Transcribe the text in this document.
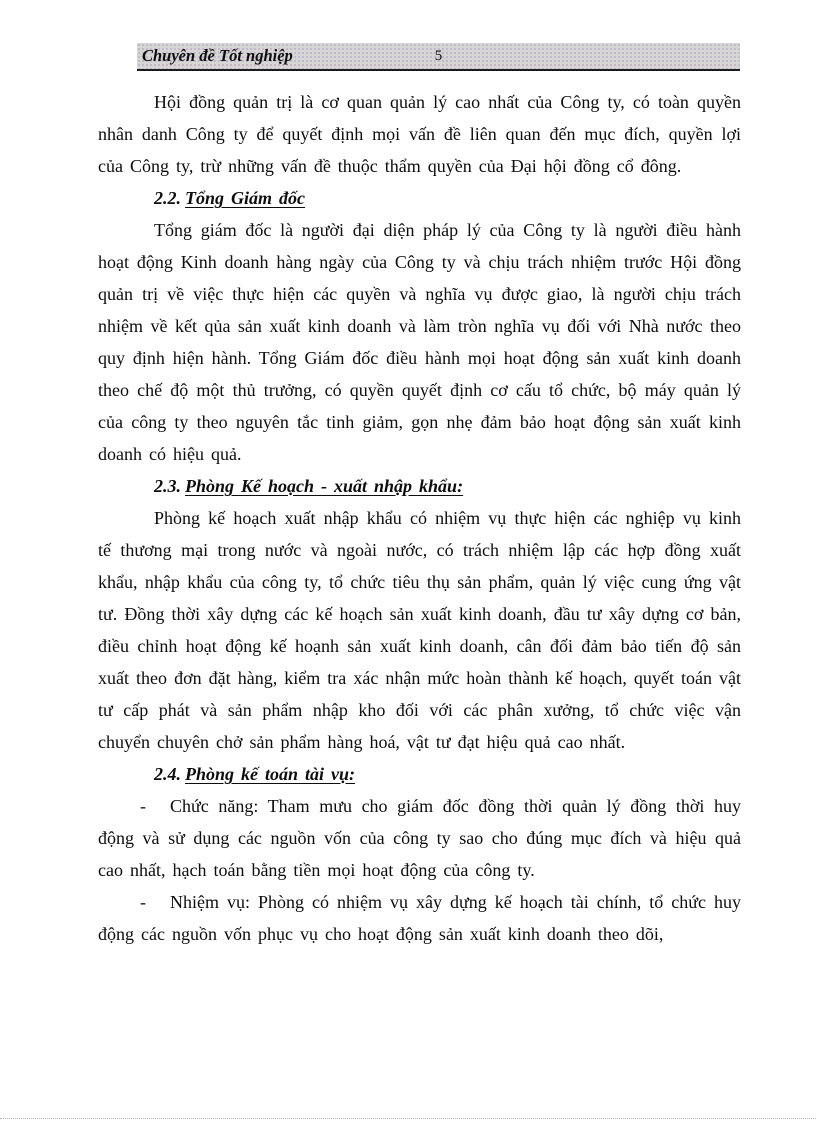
Chuyên đề Tốt nghiệp	5

Hội đồng quản trị là cơ quan quản lý cao nhất của Công ty, có toàn quyền nhân danh Công ty để quyết định mọi vấn đề liên quan đến mục đích, quyền lợi của Công ty, trừ những vấn đề thuộc thẩm quyền của Đại hội đồng cổ đông.

2.2. Tổng Giám đốc

Tổng giám đốc là người đại diện pháp lý của Công ty là người điều hành hoạt động Kinh doanh hàng ngày của Công ty và chịu trách nhiệm trước Hội đồng quản trị về việc thực hiện các quyền và nghĩa vụ được giao, là người chịu trách nhiệm về kết qủa sản xuất kinh doanh và làm tròn nghĩa vụ đối với Nhà nước theo quy định hiện hành. Tổng Giám đốc điều hành mọi hoạt động sản xuất kinh doanh theo chế độ một thủ trưởng, có quyền quyết định cơ cấu tổ chức, bộ máy quản lý của công ty theo nguyên tắc tinh giảm, gọn nhẹ đảm bảo hoạt động sản xuất kinh doanh có hiệu quả.

2.3. Phòng Kế hoạch - xuất nhập khẩu:

Phòng kế hoạch xuất nhập khẩu có nhiệm vụ thực hiện các nghiệp vụ kinh tế thương mại trong nước và ngoài nước, có trách nhiệm lập các hợp đồng xuất khẩu, nhập khẩu của công ty, tổ chức tiêu thụ sản phẩm, quản lý việc cung ứng vật tư. Đồng thời xây dựng các kế hoạch sản xuất kinh doanh, đầu tư xây dựng cơ bản, điều chỉnh hoạt động kế hoạnh sản xuất kinh doanh, cân đối đảm bảo tiến độ sản xuất theo đơn đặt hàng, kiểm tra xác nhận mức hoàn thành kế hoạch, quyết toán vật tư cấp phát và sản phẩm nhập kho đối với các phân xưởng, tổ chức việc vận chuyển chuyên chở sản phẩm hàng hoá, vật tư đạt hiệu quả cao nhất.

2.4. Phòng kế toán tài vụ:

- Chức năng: Tham mưu cho giám đốc đồng thời quản lý đồng thời huy động và sử dụng các nguồn vốn của công ty sao cho đúng mục đích và hiệu quả cao nhất, hạch toán bằng tiền mọi hoạt động của công ty.

- Nhiệm vụ: Phòng có nhiệm vụ xây dựng kế hoạch tài chính, tổ chức huy động các nguồn vốn phục vụ cho hoạt động sản xuất kinh doanh theo dõi,
